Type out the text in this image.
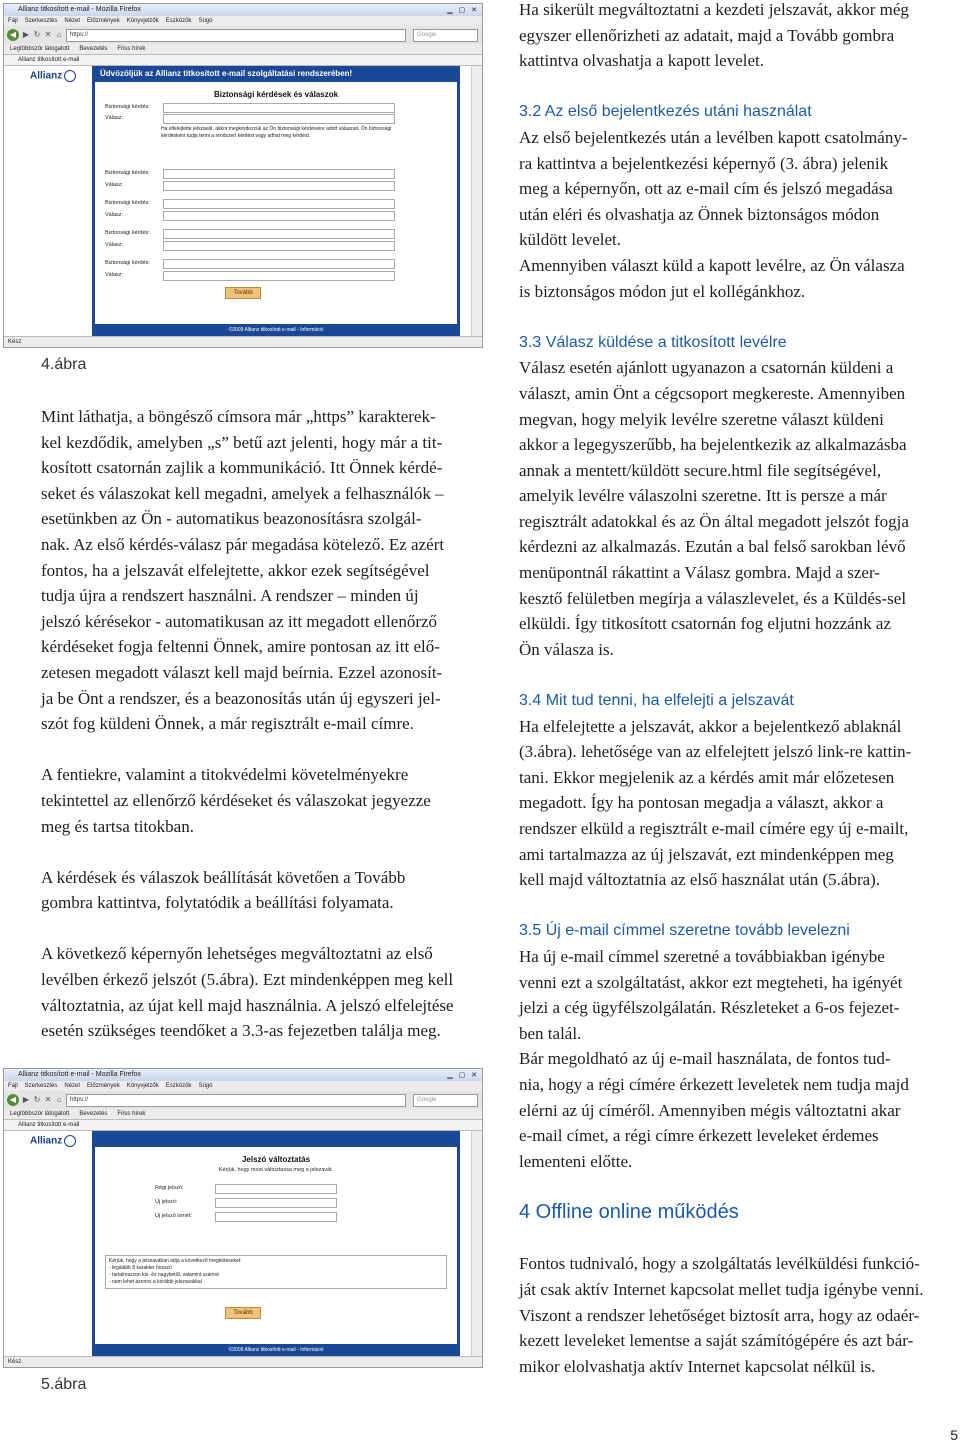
Allianz titkosított e-mail - Mozilla Firefox	▁ ▢ ✕
Fájl Szerkesztés Nézet Előzmények Könyvjelzők Eszközök Súgó
◀ ▶ ↻ ✕ ⌂	https://	Google
Legtöbbször látogatott Bevezetés Friss hírek
Allianz titkosított e-mail
Allianz	Üdvözöljük az Allianz titkosított e-mail szolgáltatási rendszerében!
Biztonsági kérdések és válaszok
Biztonsági kérdés:
Válasz:
Biztonsági kérdés:
Válasz:
Biztonsági kérdés:
Válasz:
Biztonsági kérdés:
Válasz:
Biztonsági kérdés:
Válasz:
Ha elfelejtette jelszavát, akkor megkérdezzük az Ön biztonsági kérdéseire adott válaszait. Ön biztonsági kérdésként tudja tenni a rendszert kérdést vagy adhat meg kérdést.
Tovább
©2009 Allianz titkosított e-mail - Információ
Kész
4.ábra

Mint láthatja, a böngésző címsora már „https” karakterek-

kel kezdődik, amelyben „s” betű azt jelenti, hogy már a tit-

kosított csatornán zajlik a kommunikáció. Itt Önnek kérdé-

seket és válaszokat kell megadni, amelyek a felhasználók –

esetünkben az Ön - automatikus beazonosításra szolgál-

nak. Az első kérdés-válasz pár megadása kötelező. Ez azért

fontos, ha a jelszavát elfelejtette, akkor ezek segítségével

tudja újra a rendszert használni. A rendszer – minden új

jelszó kérésekor - automatikusan az itt megadott ellenőrző

kérdéseket fogja feltenni Önnek, amire pontosan az itt elő-

zetesen megadott választ kell majd beírnia. Ezzel azonosít-

ja be Önt a rendszer, és a beazonosítás után új egyszeri jel-

szót fog küldeni Önnek, a már regisztrált e-mail címre.

A fentiekre, valamint a titokvédelmi követelményekre

tekintettel az ellenőrző kérdéseket és válaszokat jegyezze

meg és tartsa titokban.

A kérdések és válaszok beállítását követően a Tovább

gombra kattintva, folytatódik a beállítási folyamata.

A következő képernyőn lehetséges megváltoztatni az első

levélben érkező jelszót (5.ábra). Ezt mindenképpen meg kell

változtatnia, az újat kell majd használnia. A jelszó elfelejtése

esetén szükséges teendőket a 3.3-as fejezetben találja meg.

Allianz titkosított e-mail - Mozilla Firefox	▁ ▢ ✕
Fájl Szerkesztés Nézet Előzmények Könyvjelzők Eszközök Súgó
◀ ▶ ↻ ✕ ⌂	https://	Google
Legtöbbször látogatott Bevezetés Friss hírek
Allianz titkosított e-mail
Allianz
Jelszó változtatás
Kérjük, hogy most változtassa meg a jelszavát.
Régi jelszó:
Új jelszó:
Új jelszó ismét:
Kérjük, hogy a jelszavában adja a következő megkötéseket:
- legalább 8 karakter hosszú
- tartalmazzon kis- és nagybetűt, valamint számot
- nem lehet azonos a korábbi jelszavakkal
Tovább
©2009 Allianz titkosított e-mail - Információ
Kész
5.ábra

Ha sikerült megváltoztatni a kezdeti jelszavát, akkor még

egyszer ellenőrizheti az adatait, majd a Tovább gombra

kattintva olvashatja a kapott levelet.

3.2 Az első bejelentkezés utáni használat

Az első bejelentkezés után a levélben kapott csatolmány-

ra kattintva a bejelentkezési képernyő (3. ábra) jelenik

meg a képernyőn, ott az e-mail cím és jelszó megadása

után eléri és olvashatja az Önnek biztonságos módon

küldött levelet.

Amennyiben választ küld a kapott levélre, az Ön válasza

is biztonságos módon jut el kollégánkhoz.

3.3 Válasz küldése a titkosított levélre

Válasz esetén ajánlott ugyanazon a csatornán küldeni a

választ, amin Önt a cégcsoport megkereste. Amennyiben

megvan, hogy melyik levélre szeretne választ küldeni

akkor a legegyszerűbb, ha bejelentkezik az alkalmazásba

annak a mentett/küldött secure.html file segítségével,

amelyik levélre válaszolni szeretne. Itt is persze a már

regisztrált adatokkal és az Ön által megadott jelszót fogja

kérdezni az alkalmazás. Ezután a bal felső sarokban lévő

menüpontnál rákattint a Válasz gombra. Majd a szer-

kesztő felületben megírja a válaszlevelet, és a Küldés-sel

elküldi. Így titkosított csatornán fog eljutni hozzánk az

Ön válasza is.

3.4 Mit tud tenni, ha elfelejti a jelszavát

Ha elfelejtette a jelszavát, akkor a bejelentkező ablaknál

(3.ábra). lehetősége van az elfelejtett jelszó link-re kattin-

tani. Ekkor megjelenik az a kérdés amit már előzetesen

megadott. Így ha pontosan megadja a választ, akkor a

rendszer elküld a regisztrált e-mail címére egy új e-mailt,

ami tartalmazza az új jelszavát, ezt mindenképpen meg

kell majd változtatnia az első használat után (5.ábra).

3.5 Új e-mail címmel szeretne tovább levelezni

Ha új e-mail címmel szeretné a továbbiakban igénybe

venni ezt a szolgáltatást, akkor ezt megteheti, ha igényét

jelzi a cég ügyfélszolgálatán. Részleteket a 6-os fejezet-

ben talál.

Bár megoldható az új e-mail használata, de fontos tud-

nia, hogy a régi címére érkezett leveletek nem tudja majd

elérni az új címéről. Amennyiben mégis változtatni akar

e-mail címet, a régi címre érkezett leveleket érdemes

lementeni előtte.

4 Offline online működés

Fontos tudnivaló, hogy a szolgáltatás levélküldési funkció-

ját csak aktív Internet kapcsolat mellet tudja igénybe venni.

Viszont a rendszer lehetőséget biztosít arra, hogy az odaér-

kezett leveleket lementse a saját számítógépére és azt bár-

mikor elolvashatja aktív Internet kapcsolat nélkül is.

5
